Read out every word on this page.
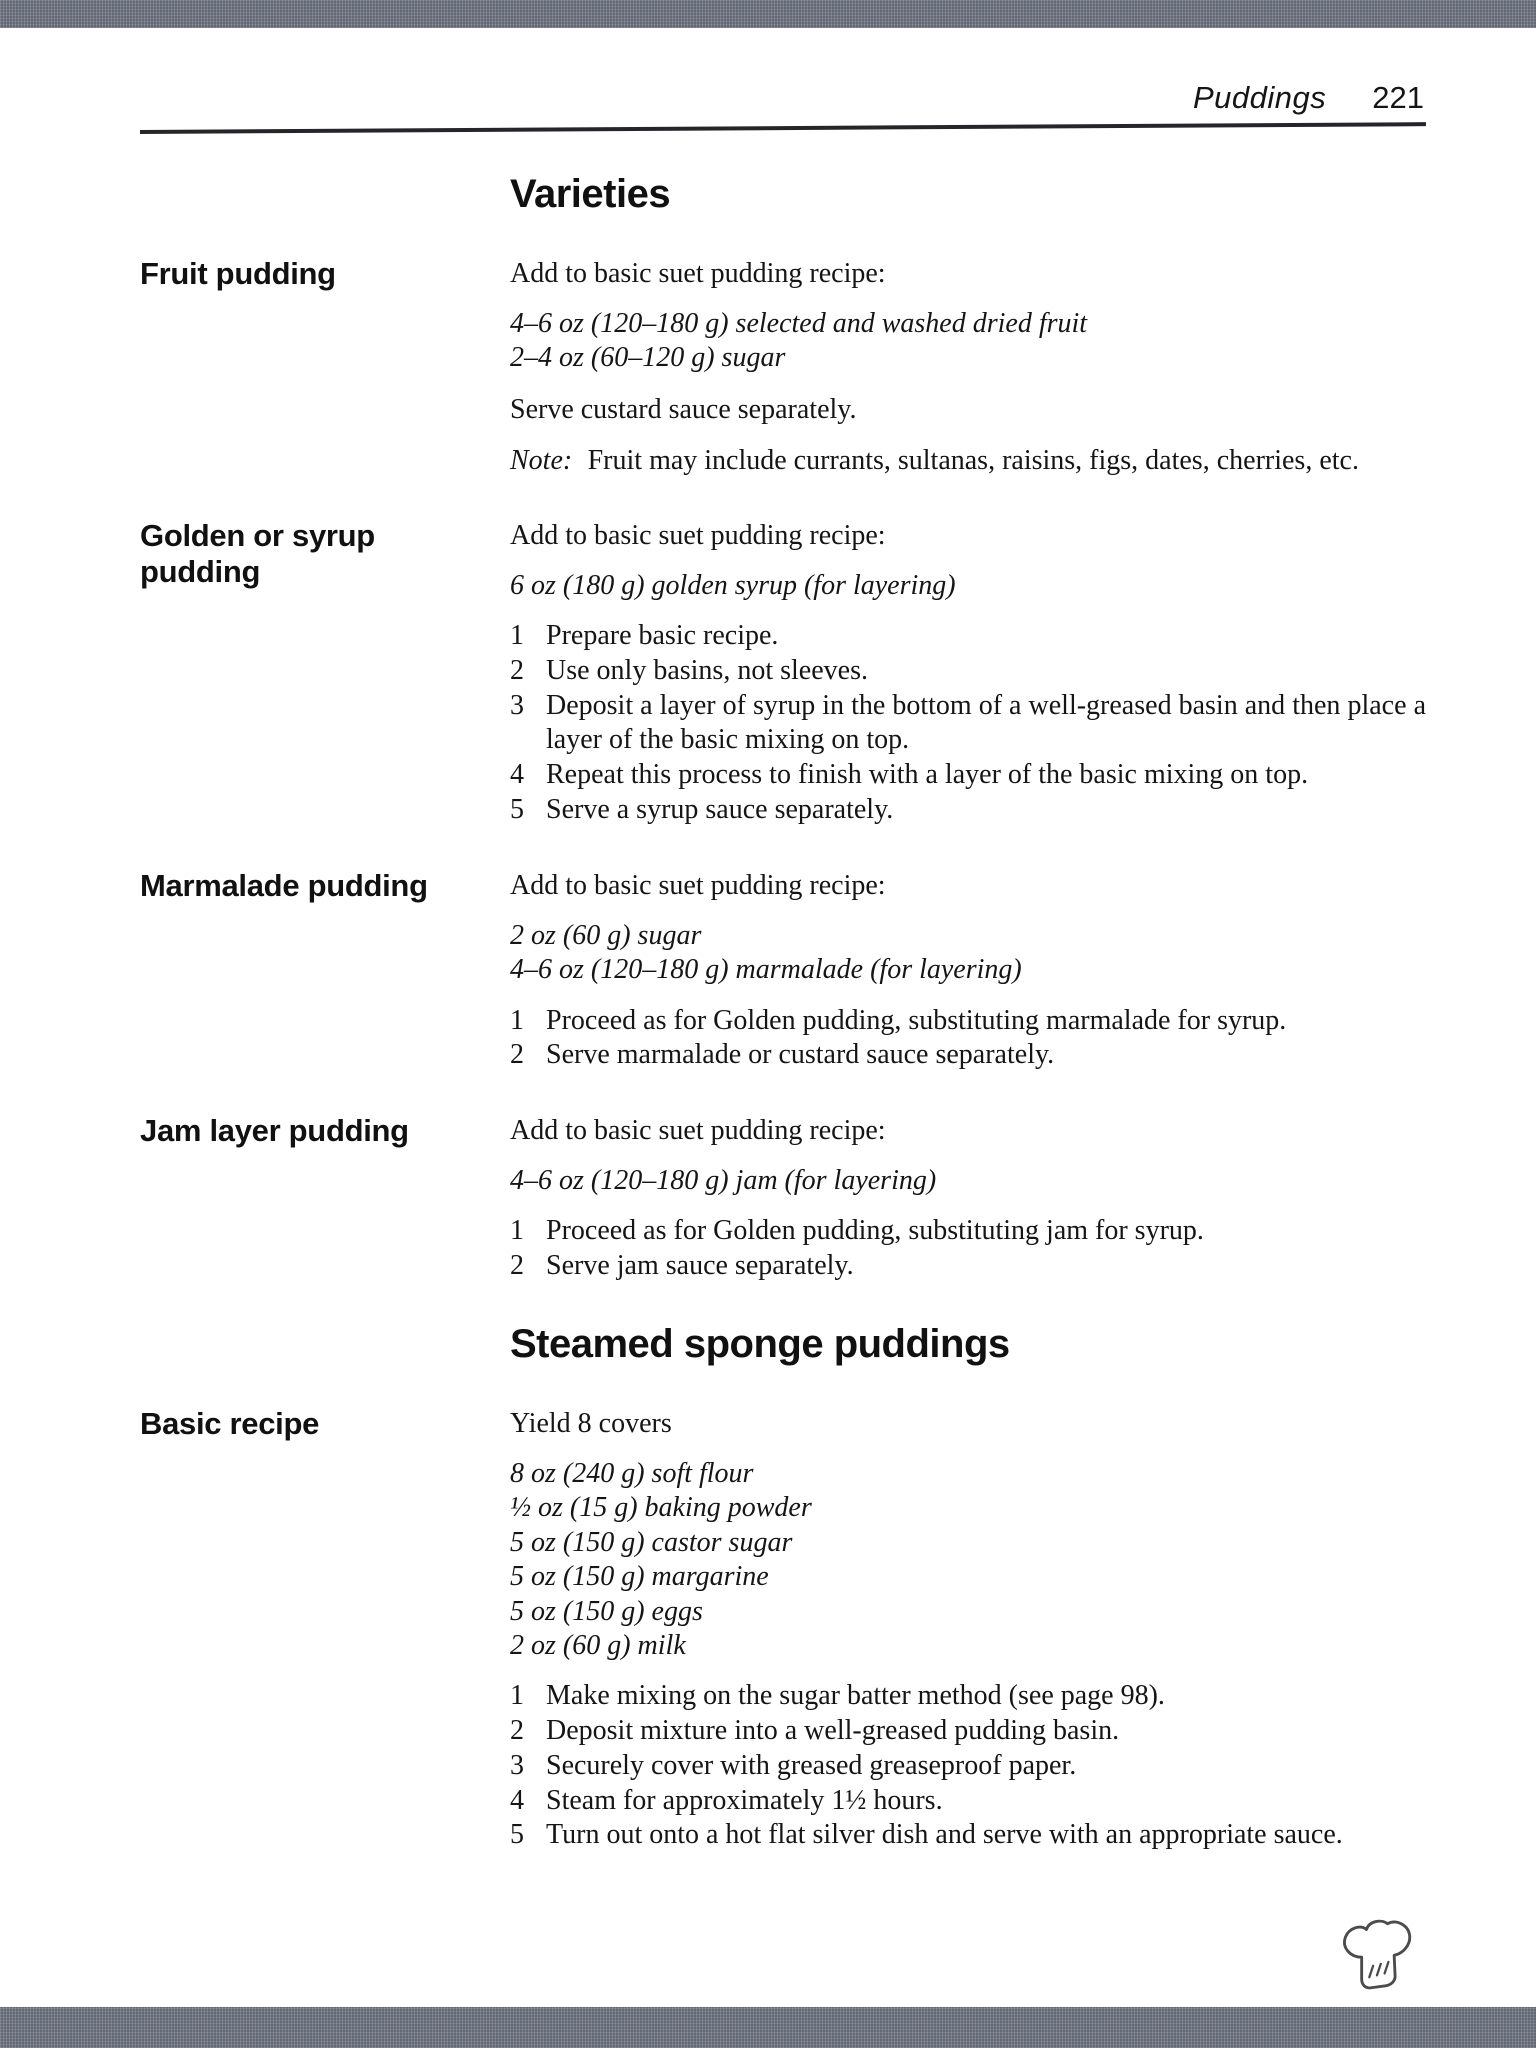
Puddings 221
Varieties
Fruit pudding	Add to basic suet pudding recipe:

4–6 oz (120–180 g) selected and washed dried fruit
2–4 oz (60–120 g) sugar

Serve custard sauce separately.

Note: Fruit may include currants, sultanas, raisins, figs, dates, cherries, etc.

Golden or syrup pudding

Add to basic suet pudding recipe:

6 oz (180 g) golden syrup (for layering)
1 Prepare basic recipe.
2 Use only basins, not sleeves.
3 Deposit a layer of syrup in the bottom of a well-greased basin and then place a layer of the basic mixing on top.
4 Repeat this process to finish with a layer of the basic mixing on top.
5 Serve a syrup sauce separately.
Marmalade pudding	Add to basic suet pudding recipe:

2 oz (60 g) sugar
4–6 oz (120–180 g) marmalade (for layering)
1 Proceed as for Golden pudding, substituting marmalade for syrup.
2 Serve marmalade or custard sauce separately.
Jam layer pudding	Add to basic suet pudding recipe:

4–6 oz (120–180 g) jam (for layering)
1 Proceed as for Golden pudding, substituting jam for syrup.
2 Serve jam sauce separately.
Steamed sponge puddings
Basic recipe	Yield 8 covers

8 oz (240 g) soft flour
½ oz (15 g) baking powder
5 oz (150 g) castor sugar
5 oz (150 g) margarine
5 oz (150 g) eggs
2 oz (60 g) milk
1 Make mixing on the sugar batter method (see page 98).
2 Deposit mixture into a well-greased pudding basin.
3 Securely cover with greased greaseproof paper.
4 Steam for approximately 1½ hours.
5 Turn out onto a hot flat silver dish and serve with an appropriate sauce.
